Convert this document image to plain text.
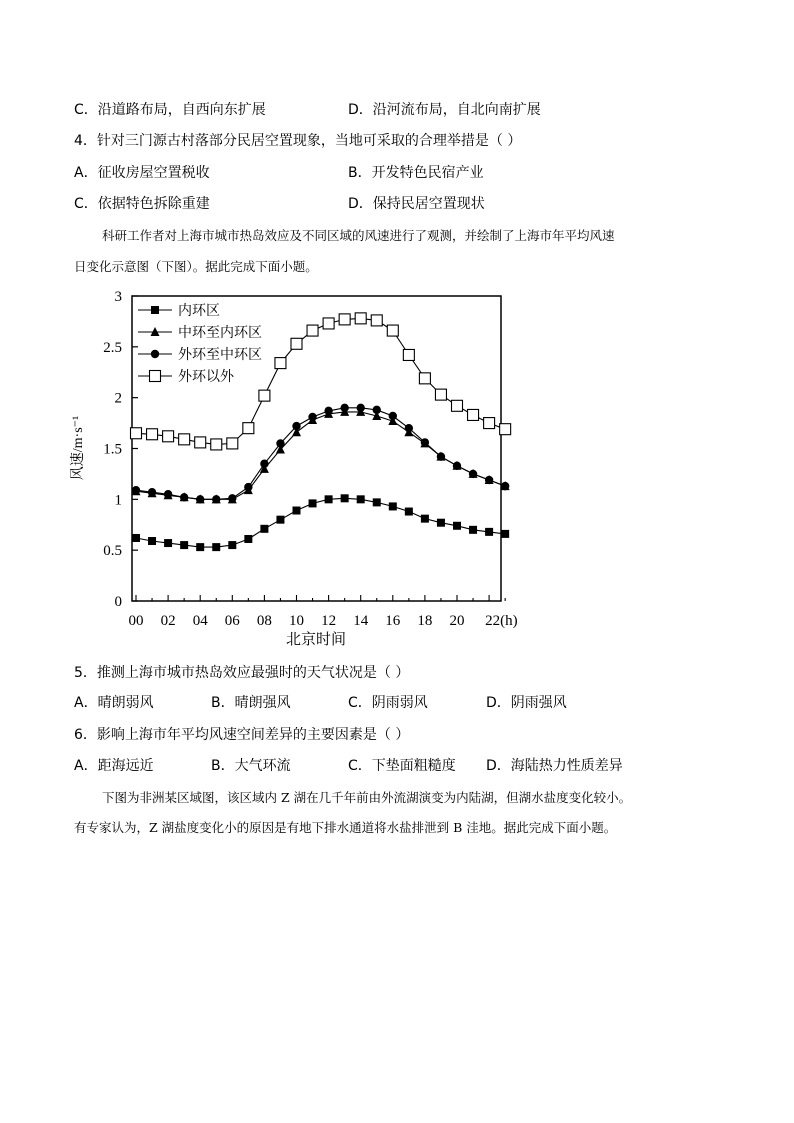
C．沿道路布局，自西向东扩展	D．沿河流布局，自北向南扩展
4．针对三门源古村落部分民居空置现象，当地可采取的合理举措是（ ）
A．征收房屋空置税收	B．开发特色民宿产业
C．依据特色拆除重建	D．保持民居空置现状
科研工作者对上海市城市热岛效应及不同区域的风速进行了观测，并绘制了上海市年平均风速
日变化示意图（下图）。据此完成下面小题。
0
0.5
1
1.5
2
2.5
3
00 02 04 06 08 10 12 14 16 18 20 22(h)
内环区
中环至内环区
外环至中环区
外环以外
风速/m·s⁻¹
北京时间
5．推测上海市城市热岛效应最强时的天气状况是（ ）
A．晴朗弱风	B．晴朗强风	C．阴雨弱风	D．阴雨强风
6．影响上海市年平均风速空间差异的主要因素是（ ）
A．距海远近	B．大气环流	C．下垫面粗糙度 D．海陆热力性质差异
下图为非洲某区域图，该区域内 Z 湖在几千年前由外流湖演变为内陆湖，但湖水盐度变化较小。
有专家认为，Z 湖盐度变化小的原因是有地下排水通道将水盐排泄到 B 洼地。据此完成下面小题。
